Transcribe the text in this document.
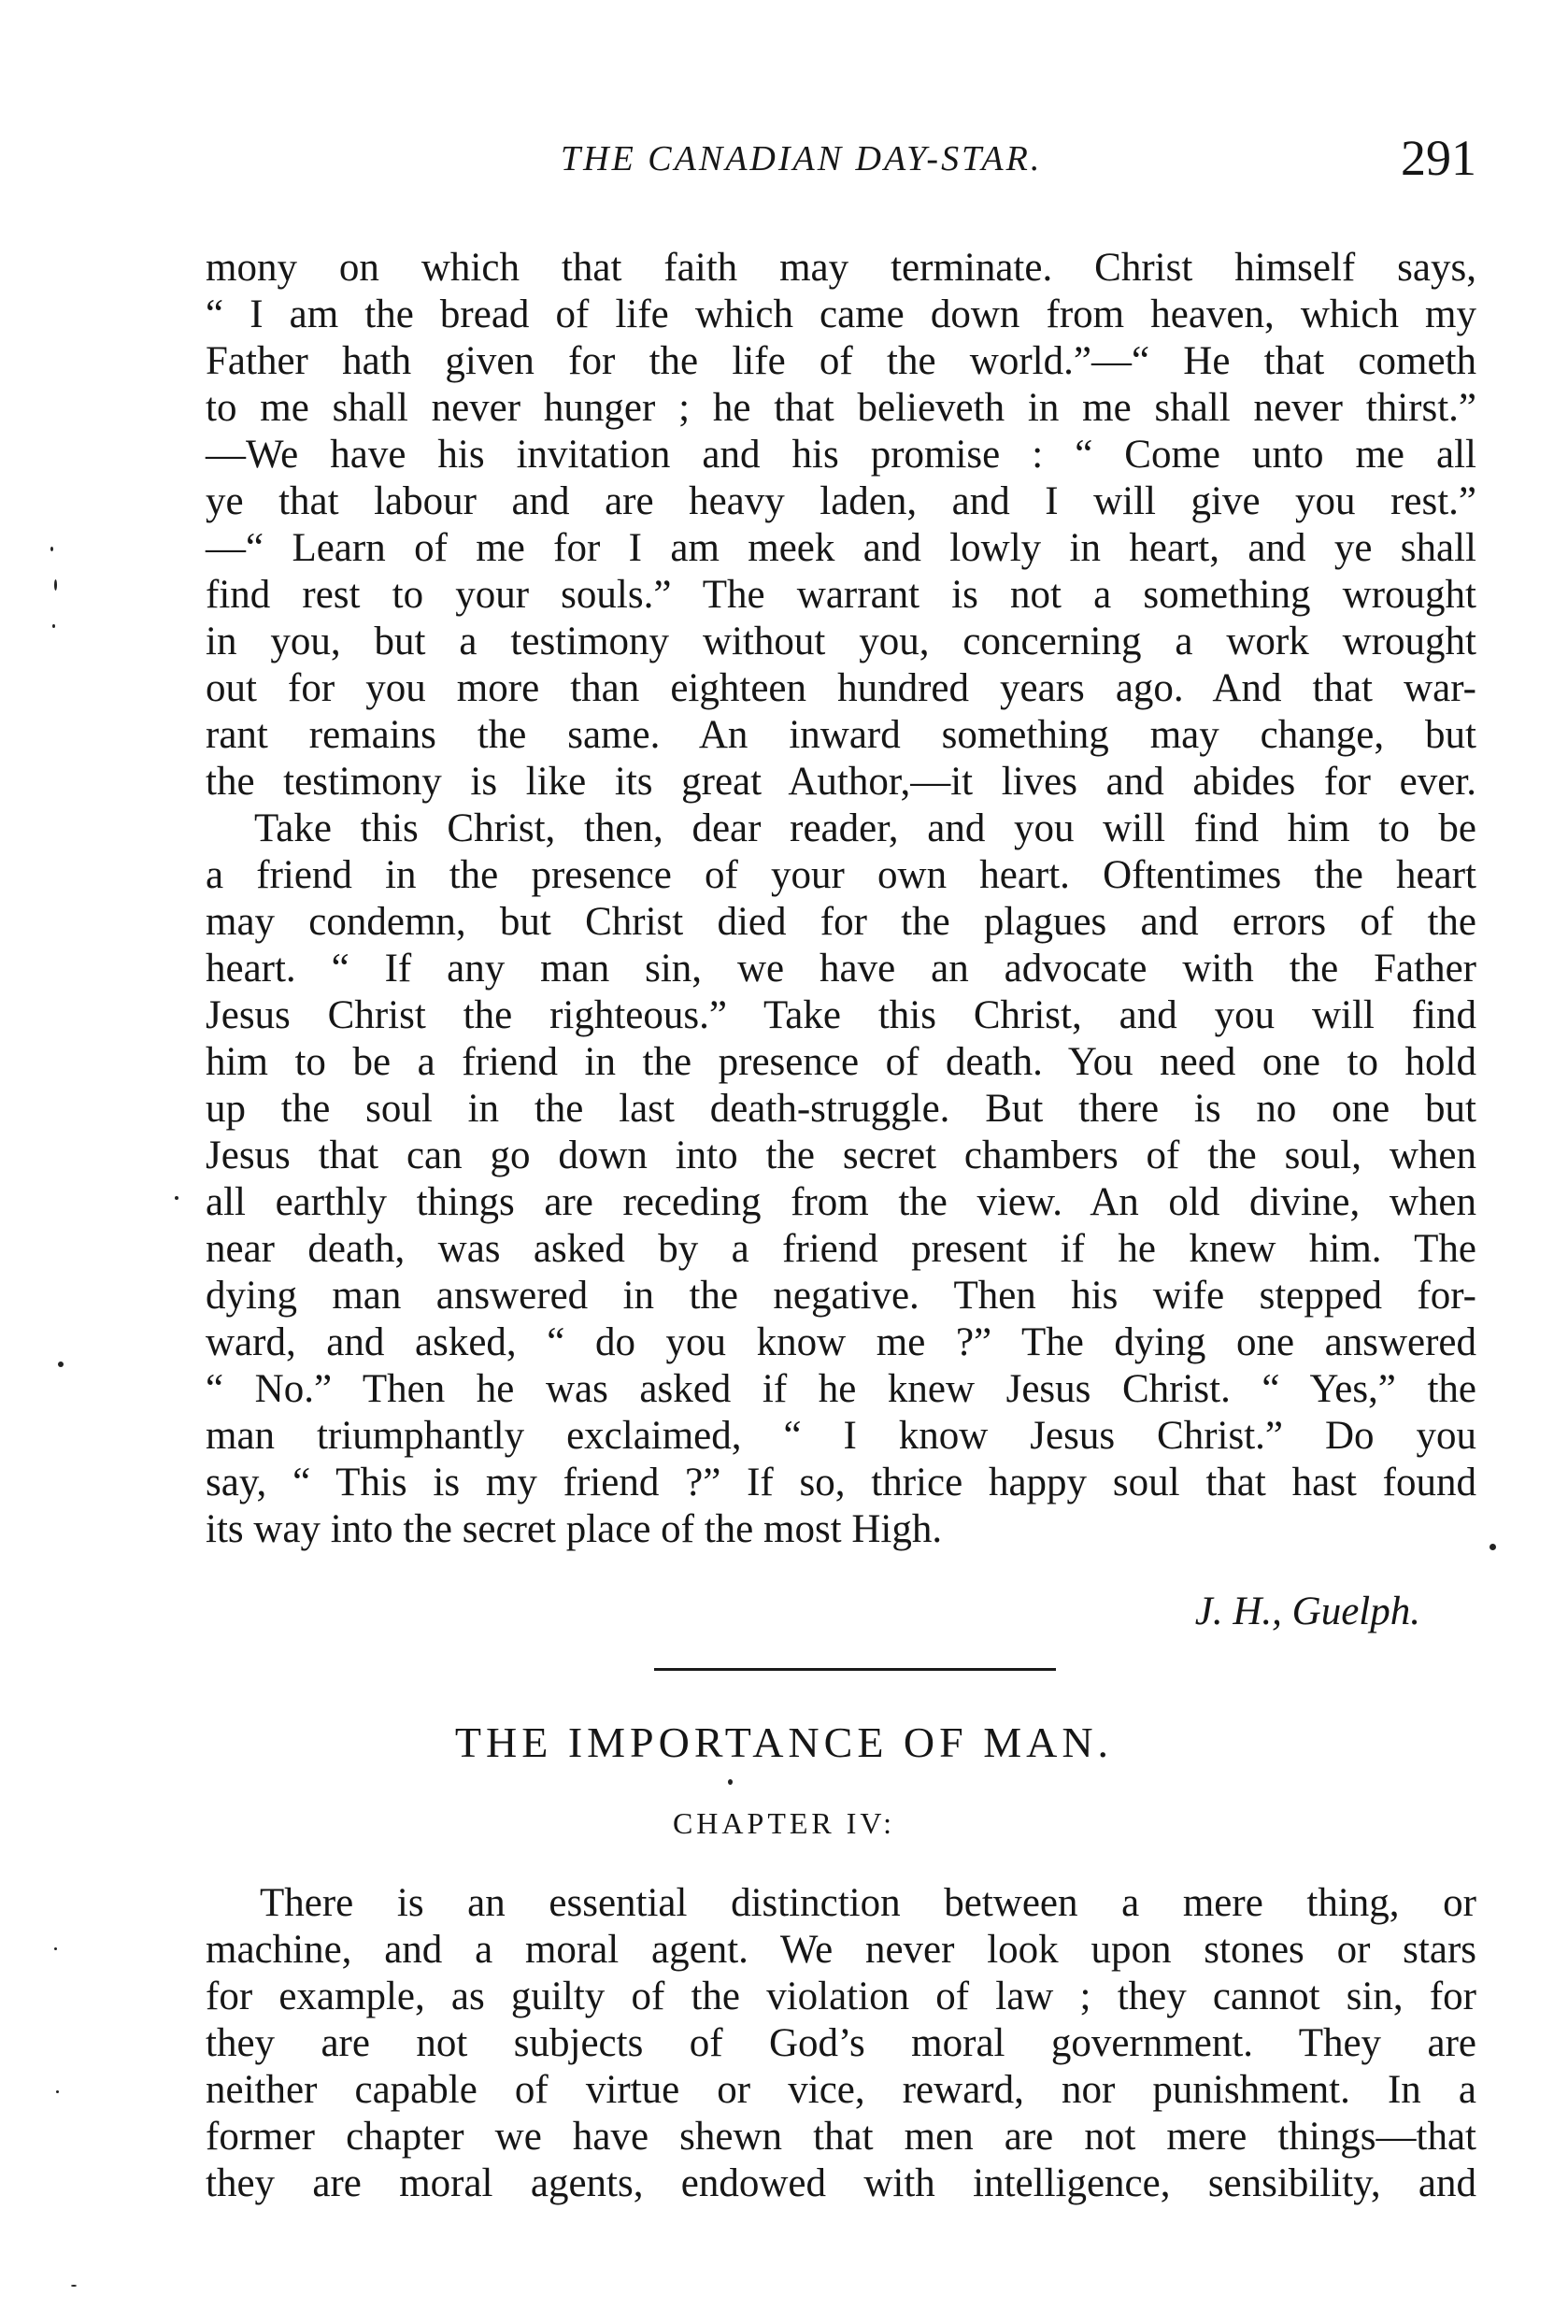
THE CANADIAN DAY-STAR.	291
mony on which that faith may terminate. Christ himself says,
“ I am the bread of life which came down from heaven, which my
Father hath given for the life of the world.”—“ He that cometh
to me shall never hunger ; he that believeth in me shall never thirst.”
—We have his invitation and his promise : “ Come unto me all
ye that labour and are heavy laden, and I will give you rest.”
—“ Learn of me for I am meek and lowly in heart, and ye shall
find rest to your souls.” The warrant is not a something wrought
in you, but a testimony without you, concerning a work wrought
out for you more than eighteen hundred years ago. And that war-
rant remains the same. An inward something may change, but
the testimony is like its great Author,—it lives and abides for ever.
Take this Christ, then, dear reader, and you will find him to be
a friend in the presence of your own heart. Oftentimes the heart
may condemn, but Christ died for the plagues and errors of the
heart. “ If any man sin, we have an advocate with the Father
Jesus Christ the righteous.” Take this Christ, and you will find
him to be a friend in the presence of death. You need one to hold
up the soul in the last death-struggle. But there is no one but
Jesus that can go down into the secret chambers of the soul, when
all earthly things are receding from the view. An old divine, when
near death, was asked by a friend present if he knew him. The
dying man answered in the negative. Then his wife stepped for-
ward, and asked, “ do you know me ?” The dying one answered
“ No.” Then he was asked if he knew Jesus Christ. “ Yes,” the
man triumphantly exclaimed, “ I know Jesus Christ.” Do you
say, “ This is my friend ?” If so, thrice happy soul that hast found
its way into the secret place of the most High.
J. H., Guelph.
THE IMPORTANCE OF MAN.
CHAPTER IV:
There is an essential distinction between a mere thing, or
machine, and a moral agent. We never look upon stones or stars
for example, as guilty of the violation of law ; they cannot sin, for
they are not subjects of God’s moral government. They are
neither capable of virtue or vice, reward, nor punishment. In a
former chapter we have shewn that men are not mere things—that
they are moral agents, endowed with intelligence, sensibility, and
